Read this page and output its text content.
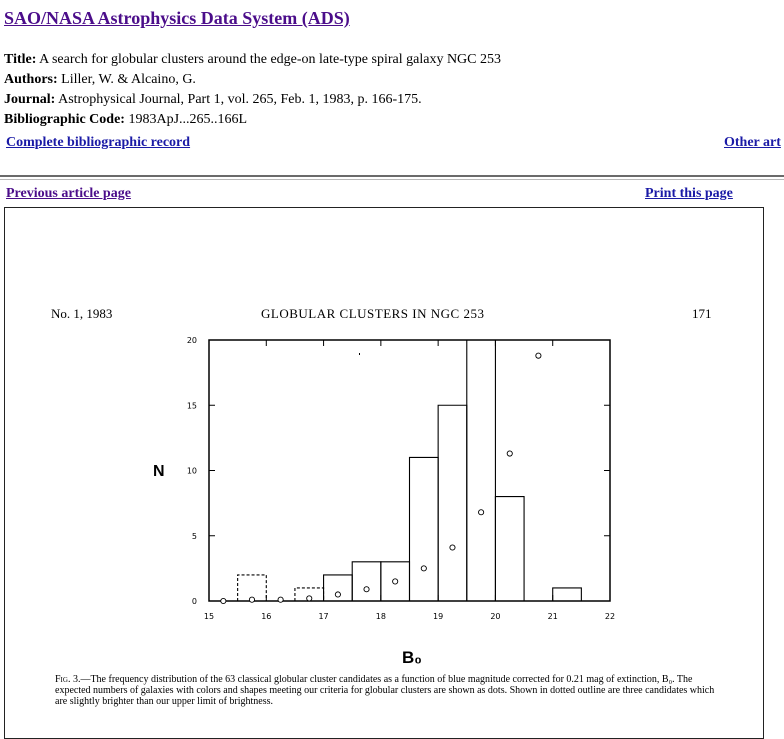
SAO/NASA Astrophysics Data System (ADS)
Title: A search for globular clusters around the edge-on late-type spiral galaxy NGC 253
Authors: Liller, W. & Alcaino, G.
Journal: Astrophysical Journal, Part 1, vol. 265, Feb. 1, 1983, p. 166-175.
Bibliographic Code: 1983ApJ...265..166L
Complete bibliographic record	Other art
Previous article page	Print this page
No. 1, 1983	GLOBULAR CLUSTERS IN NGC 253	171
15	16	17	18	19	20	21	22
0
5
10
15
20
N
B₀
Fig. 3.—The frequency distribution of the 63 classical globular cluster candidates as a function of blue magnitude corrected for 0.21 mag of extinction, B₀. The expected numbers of galaxies with colors and shapes meeting our criteria for globular clusters are shown as dots. Shown in dotted outline are three candidates which are slightly brighter than our upper limit of brightness.
